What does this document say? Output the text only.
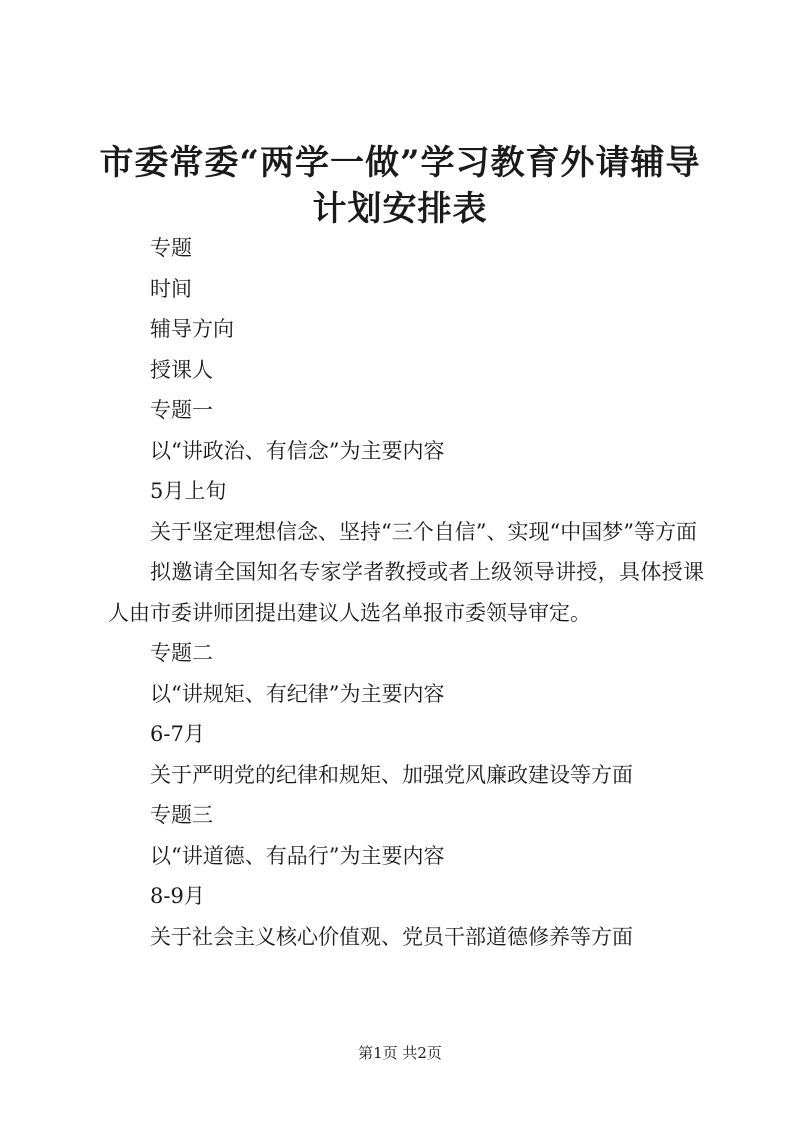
市委常委“两学一做”学习教育外请辅导计划安排表

专题

时间

辅导方向

授课人

专题一

以“讲政治、有信念”为主要内容

5月上旬

关于坚定理想信念、坚持“三个自信”、实现“中国梦”等方面

拟邀请全国知名专家学者教授或者上级领导讲授，具体授课人由市委讲师团提出建议人选名单报市委领导审定。

专题二

以“讲规矩、有纪律”为主要内容

6-7月

关于严明党的纪律和规矩、加强党风廉政建设等方面

专题三

以“讲道德、有品行”为主要内容

8-9月

关于社会主义核心价值观、党员干部道德修养等方面

第1页 共2页
